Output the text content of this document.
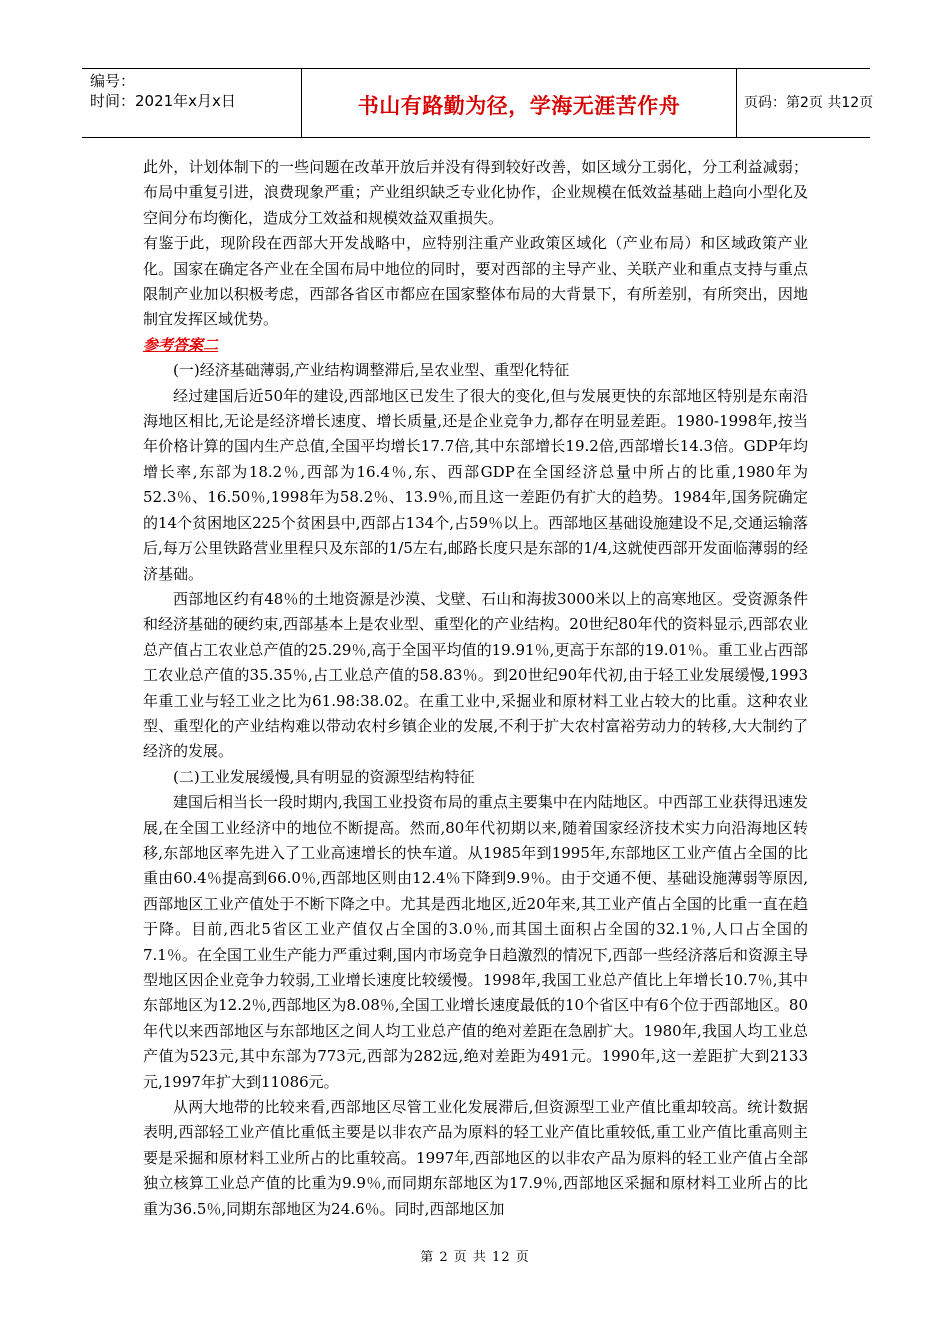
编号：
时间：2021年x月x日	书山有路勤为径，学海无涯苦作舟	页码：第2页 共12页

此外，计划体制下的一些问题在改革开放后并没有得到较好改善，如区域分工弱化，分工利益减弱；布局中重复引进，浪费现象严重；产业组织缺乏专业化协作，企业规模在低效益基础上趋向小型化及空间分布均衡化，造成分工效益和规模效益双重损失。

有鉴于此，现阶段在西部大开发战略中，应特别注重产业政策区域化（产业布局）和区域政策产业化。国家在确定各产业在全国布局中地位的同时，要对西部的主导产业、关联产业和重点支持与重点限制产业加以积极考虑，西部各省区市都应在国家整体布局的大背景下，有所差别，有所突出，因地制宜发挥区域优势。

参考答案二

(一)经济基础薄弱,产业结构调整滞后,呈农业型、重型化特征

经过建国后近50年的建设,西部地区已发生了很大的变化,但与发展更快的东部地区特别是东南沿海地区相比,无论是经济增长速度、增长质量,还是企业竞争力,都存在明显差距。1980-1998年,按当年价格计算的国内生产总值,全国平均增长17.7倍,其中东部增长19.2倍,西部增长14.3倍。GDP年均增长率,东部为18.2％,西部为16.4％,东、西部GDP在全国经济总量中所占的比重,1980年为52.3％、16.50％,1998年为58.2％、13.9％,而且这一差距仍有扩大的趋势。1984年,国务院确定的14个贫困地区225个贫困县中,西部占134个,占59％以上。西部地区基础设施建设不足,交通运输落后,每万公里铁路营业里程只及东部的1/5左右,邮路长度只是东部的1/4,这就使西部开发面临薄弱的经济基础。

西部地区约有48％的土地资源是沙漠、戈壁、石山和海拔3000米以上的高寒地区。受资源条件和经济基础的硬约束,西部基本上是农业型、重型化的产业结构。20世纪80年代的资料显示,西部农业总产值占工农业总产值的25.29％,高于全国平均值的19.91％,更高于东部的19.01％。重工业占西部工农业总产值的35.35％,占工业总产值的58.83％。到20世纪90年代初,由于轻工业发展缓慢,1993年重工业与轻工业之比为61.98:38.02。在重工业中,采掘业和原材料工业占较大的比重。这种农业型、重型化的产业结构难以带动农村乡镇企业的发展,不利于扩大农村富裕劳动力的转移,大大制约了经济的发展。

(二)工业发展缓慢,具有明显的资源型结构特征

建国后相当长一段时期内,我国工业投资布局的重点主要集中在内陆地区。中西部工业获得迅速发展,在全国工业经济中的地位不断提高。然而,80年代初期以来,随着国家经济技术实力向沿海地区转移,东部地区率先进入了工业高速增长的快车道。从1985年到1995年,东部地区工业产值占全国的比重由60.4％提高到66.0％,西部地区则由12.4％下降到9.9％。由于交通不便、基础设施薄弱等原因,西部地区工业产值处于不断下降之中。尤其是西北地区,近20年来,其工业产值占全国的比重一直在趋于降。目前,西北5省区工业产值仅占全国的3.0％,而其国土面积占全国的32.1％,人口占全国的7.1％。在全国工业生产能力严重过剩,国内市场竞争日趋激烈的情况下,西部一些经济落后和资源主导型地区因企业竞争力较弱,工业增长速度比较缓慢。1998年,我国工业总产值比上年增长10.7％,其中东部地区为12.2％,西部地区为8.08％,全国工业增长速度最低的10个省区中有6个位于西部地区。80年代以来西部地区与东部地区之间人均工业总产值的绝对差距在急剧扩大。1980年,我国人均工业总产值为523元,其中东部为773元,西部为282远,绝对差距为491元。1990年,这一差距扩大到2133元,1997年扩大到11086元。

从两大地带的比较来看,西部地区尽管工业化发展滞后,但资源型工业产值比重却较高。统计数据表明,西部轻工业产值比重低主要是以非农产品为原料的轻工业产值比重较低,重工业产值比重高则主要是采掘和原材料工业所占的比重较高。1997年,西部地区的以非农产品为原料的轻工业产值占全部独立核算工业总产值的比重为9.9％,而同期东部地区为17.9％,西部地区采掘和原材料工业所占的比重为36.5％,同期东部地区为24.6％。同时,西部地区加

第 2 页 共 12 页
